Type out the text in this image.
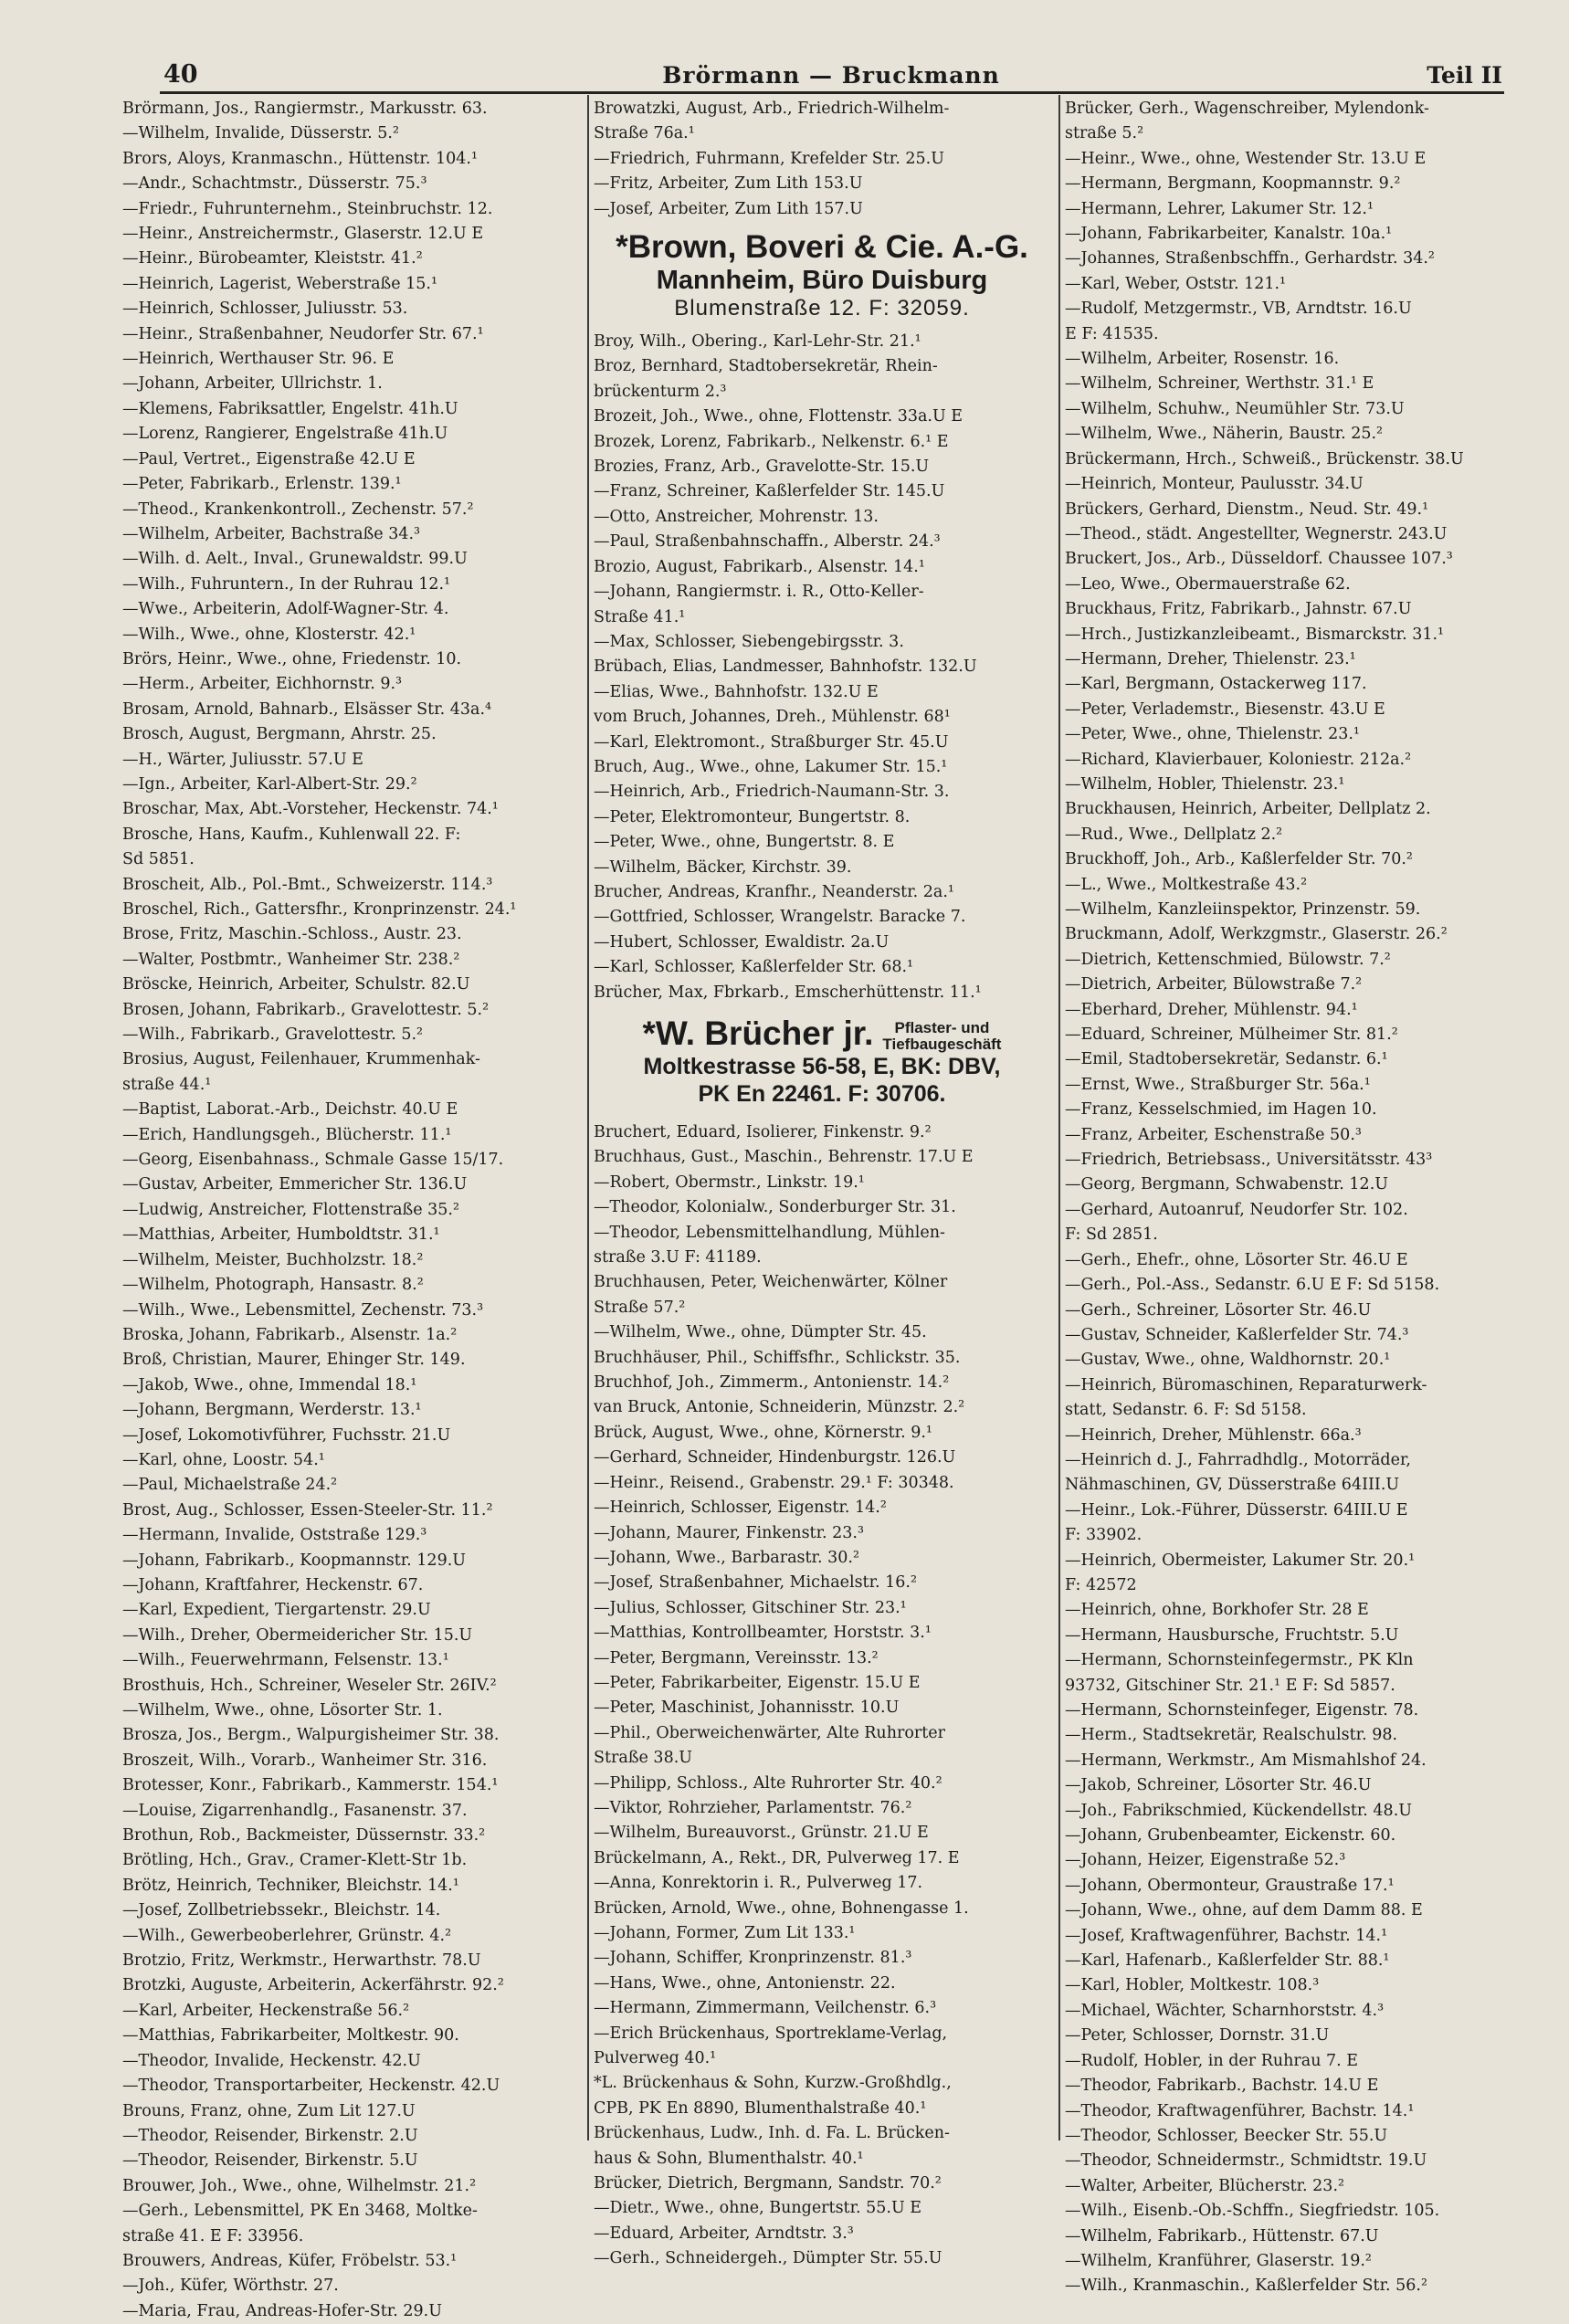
40	Brörmann — Bruckmann	Teil II
Brörmann, Jos., Rangiermstr., Markusstr. 63.
—Wilhelm, Invalide, Düsserstr. 5.²
Brors, Aloys, Kranmaschn., Hüttenstr. 104.¹
—Andr., Schachtmstr., Düsserstr. 75.³
—Friedr., Fuhrunternehm., Steinbruchstr. 12.
—Heinr., Anstreichermstr., Glaserstr. 12.U E
—Heinr., Bürobeamter, Kleiststr. 41.²
—Heinrich, Lagerist, Weberstraße 15.¹
—Heinrich, Schlosser, Juliusstr. 53.
—Heinr., Straßenbahner, Neudorfer Str. 67.¹
—Heinrich, Werthauser Str. 96. E
—Johann, Arbeiter, Ullrichstr. 1.
—Klemens, Fabriksattler, Engelstr. 41h.U
—Lorenz, Rangierer, Engelstraße 41h.U
—Paul, Vertret., Eigenstraße 42.U E
—Peter, Fabrikarb., Erlenstr. 139.¹
—Theod., Krankenkontroll., Zechenstr. 57.²
—Wilhelm, Arbeiter, Bachstraße 34.³
—Wilh. d. Aelt., Inval., Grunewaldstr. 99.U
—Wilh., Fuhruntern., In der Ruhrau 12.¹
—Wwe., Arbeiterin, Adolf-Wagner-Str. 4.
—Wilh., Wwe., ohne, Klosterstr. 42.¹
Brörs, Heinr., Wwe., ohne, Friedenstr. 10.
—Herm., Arbeiter, Eichhornstr. 9.³
Brosam, Arnold, Bahnarb., Elsässer Str. 43a.⁴
Brosch, August, Bergmann, Ahrstr. 25.
—H., Wärter, Juliusstr. 57.U E
—Ign., Arbeiter, Karl-Albert-Str. 29.²
Broschar, Max, Abt.-Vorsteher, Heckenstr. 74.¹
Brosche, Hans, Kaufm., Kuhlenwall 22. F:
Sd 5851.
Broscheit, Alb., Pol.-Bmt., Schweizerstr. 114.³
Broschel, Rich., Gattersfhr., Kronprinzenstr. 24.¹
Brose, Fritz, Maschin.-Schloss., Austr. 23.
—Walter, Postbmtr., Wanheimer Str. 238.²
Bröscke, Heinrich, Arbeiter, Schulstr. 82.U
Brosen, Johann, Fabrikarb., Gravelottestr. 5.²
—Wilh., Fabrikarb., Gravelottestr. 5.²
Brosius, August, Feilenhauer, Krummenhak-
straße 44.¹
—Baptist, Laborat.-Arb., Deichstr. 40.U E
—Erich, Handlungsgeh., Blücherstr. 11.¹
—Georg, Eisenbahnass., Schmale Gasse 15/17.
—Gustav, Arbeiter, Emmericher Str. 136.U
—Ludwig, Anstreicher, Flottenstraße 35.²
—Matthias, Arbeiter, Humboldtstr. 31.¹
—Wilhelm, Meister, Buchholzstr. 18.²
—Wilhelm, Photograph, Hansastr. 8.²
—Wilh., Wwe., Lebensmittel, Zechenstr. 73.³
Broska, Johann, Fabrikarb., Alsenstr. 1a.²
Broß, Christian, Maurer, Ehinger Str. 149.
—Jakob, Wwe., ohne, Immendal 18.¹
—Johann, Bergmann, Werderstr. 13.¹
—Josef, Lokomotivführer, Fuchsstr. 21.U
—Karl, ohne, Loostr. 54.¹
—Paul, Michaelstraße 24.²
Brost, Aug., Schlosser, Essen-Steeler-Str. 11.²
—Hermann, Invalide, Oststraße 129.³
—Johann, Fabrikarb., Koopmannstr. 129.U
—Johann, Kraftfahrer, Heckenstr. 67.
—Karl, Expedient, Tiergartenstr. 29.U
—Wilh., Dreher, Obermeidericher Str. 15.U
—Wilh., Feuerwehrmann, Felsenstr. 13.¹
Brosthuis, Hch., Schreiner, Weseler Str. 26IV.²
—Wilhelm, Wwe., ohne, Lösorter Str. 1.
Brosza, Jos., Bergm., Walpurgisheimer Str. 38.
Broszeit, Wilh., Vorarb., Wanheimer Str. 316.
Brotesser, Konr., Fabrikarb., Kammerstr. 154.¹
—Louise, Zigarrenhandlg., Fasanenstr. 37.
Brothun, Rob., Backmeister, Düssernstr. 33.²
Brötling, Hch., Grav., Cramer-Klett-Str 1b.
Brötz, Heinrich, Techniker, Bleichstr. 14.¹
—Josef, Zollbetriebssekr., Bleichstr. 14.
—Wilh., Gewerbeoberlehrer, Grünstr. 4.²
Brotzio, Fritz, Werkmstr., Herwarthstr. 78.U
Brotzki, Auguste, Arbeiterin, Ackerfährstr. 92.²
—Karl, Arbeiter, Heckenstraße 56.²
—Matthias, Fabrikarbeiter, Moltkestr. 90.
—Theodor, Invalide, Heckenstr. 42.U
—Theodor, Transportarbeiter, Heckenstr. 42.U
Brouns, Franz, ohne, Zum Lit 127.U
—Theodor, Reisender, Birkenstr. 2.U
—Theodor, Reisender, Birkenstr. 5.U
Brouwer, Joh., Wwe., ohne, Wilhelmstr. 21.²
—Gerh., Lebensmittel, PK En 3468, Moltke-
straße 41. E F: 33956.
Brouwers, Andreas, Küfer, Fröbelstr. 53.¹
—Joh., Küfer, Wörthstr. 27.
—Maria, Frau, Andreas-Hofer-Str. 29.U
Browatzki, August, Arb., Friedrich-Wilhelm-
Straße 76a.¹
—Friedrich, Fuhrmann, Krefelder Str. 25.U
—Fritz, Arbeiter, Zum Lith 153.U
—Josef, Arbeiter, Zum Lith 157.U
*Brown, Boveri & Cie. A.-G.
Mannheim, Büro Duisburg
Blumenstraße 12. F: 32059.
Broy, Wilh., Obering., Karl-Lehr-Str. 21.¹
Broz, Bernhard, Stadtobersekretär, Rhein-
brückenturm 2.³
Brozeit, Joh., Wwe., ohne, Flottenstr. 33a.U E
Brozek, Lorenz, Fabrikarb., Nelkenstr. 6.¹ E
Brozies, Franz, Arb., Gravelotte-Str. 15.U
—Franz, Schreiner, Kaßlerfelder Str. 145.U
—Otto, Anstreicher, Mohrenstr. 13.
—Paul, Straßenbahnschaffn., Alberstr. 24.³
Brozio, August, Fabrikarb., Alsenstr. 14.¹
—Johann, Rangiermstr. i. R., Otto-Keller-
Straße 41.¹
—Max, Schlosser, Siebengebirgsstr. 3.
Brübach, Elias, Landmesser, Bahnhofstr. 132.U
—Elias, Wwe., Bahnhofstr. 132.U E
vom Bruch, Johannes, Dreh., Mühlenstr. 68¹
—Karl, Elektromont., Straßburger Str. 45.U
Bruch, Aug., Wwe., ohne, Lakumer Str. 15.¹
—Heinrich, Arb., Friedrich-Naumann-Str. 3.
—Peter, Elektromonteur, Bungertstr. 8.
—Peter, Wwe., ohne, Bungertstr. 8. E
—Wilhelm, Bäcker, Kirchstr. 39.
Brucher, Andreas, Kranfhr., Neanderstr. 2a.¹
—Gottfried, Schlosser, Wrangelstr. Baracke 7.
—Hubert, Schlosser, Ewaldistr. 2a.U
—Karl, Schlosser, Kaßlerfelder Str. 68.¹
Brücher, Max, Fbrkarb., Emscherhüttenstr. 11.¹
*W. Brücher jr.	Pflaster- und
Tiefbaugeschäft
Moltkestrasse 56-58, E, BK: DBV,
PK En 22461. F: 30706.
Bruchert, Eduard, Isolierer, Finkenstr. 9.²
Bruchhaus, Gust., Maschin., Behrenstr. 17.U E
—Robert, Obermstr., Linkstr. 19.¹
—Theodor, Kolonialw., Sonderburger Str. 31.
—Theodor, Lebensmittelhandlung, Mühlen-
straße 3.U F: 41189.
Bruchhausen, Peter, Weichenwärter, Kölner
Straße 57.²
—Wilhelm, Wwe., ohne, Dümpter Str. 45.
Bruchhäuser, Phil., Schiffsfhr., Schlickstr. 35.
Bruchhof, Joh., Zimmerm., Antonienstr. 14.²
van Bruck, Antonie, Schneiderin, Münzstr. 2.²
Brück, August, Wwe., ohne, Körnerstr. 9.¹
—Gerhard, Schneider, Hindenburgstr. 126.U
—Heinr., Reisend., Grabenstr. 29.¹ F: 30348.
—Heinrich, Schlosser, Eigenstr. 14.²
—Johann, Maurer, Finkenstr. 23.³
—Johann, Wwe., Barbarastr. 30.²
—Josef, Straßenbahner, Michaelstr. 16.²
—Julius, Schlosser, Gitschiner Str. 23.¹
—Matthias, Kontrollbeamter, Horststr. 3.¹
—Peter, Bergmann, Vereinsstr. 13.²
—Peter, Fabrikarbeiter, Eigenstr. 15.U E
—Peter, Maschinist, Johannisstr. 10.U
—Phil., Oberweichenwärter, Alte Ruhrorter
Straße 38.U
—Philipp, Schloss., Alte Ruhrorter Str. 40.²
—Viktor, Rohrzieher, Parlamentstr. 76.²
—Wilhelm, Bureauvorst., Grünstr. 21.U E
Brückelmann, A., Rekt., DR, Pulverweg 17. E
—Anna, Konrektorin i. R., Pulverweg 17.
Brücken, Arnold, Wwe., ohne, Bohnengasse 1.
—Johann, Former, Zum Lit 133.¹
—Johann, Schiffer, Kronprinzenstr. 81.³
—Hans, Wwe., ohne, Antonienstr. 22.
—Hermann, Zimmermann, Veilchenstr. 6.³
—Erich Brückenhaus, Sportreklame-Verlag,
Pulverweg 40.¹
*L. Brückenhaus & Sohn, Kurzw.-Großhdlg.,
CPB, PK En 8890, Blumenthalstraße 40.¹
Brückenhaus, Ludw., Inh. d. Fa. L. Brücken-
haus & Sohn, Blumenthalstr. 40.¹
Brücker, Dietrich, Bergmann, Sandstr. 70.²
—Dietr., Wwe., ohne, Bungertstr. 55.U E
—Eduard, Arbeiter, Arndtstr. 3.³
—Gerh., Schneidergeh., Dümpter Str. 55.U
Brücker, Gerh., Wagenschreiber, Mylendonk-
straße 5.²
—Heinr., Wwe., ohne, Westender Str. 13.U E
—Hermann, Bergmann, Koopmannstr. 9.²
—Hermann, Lehrer, Lakumer Str. 12.¹
—Johann, Fabrikarbeiter, Kanalstr. 10a.¹
—Johannes, Straßenbschffn., Gerhardstr. 34.²
—Karl, Weber, Oststr. 121.¹
—Rudolf, Metzgermstr., VB, Arndtstr. 16.U
E F: 41535.
—Wilhelm, Arbeiter, Rosenstr. 16.
—Wilhelm, Schreiner, Werthstr. 31.¹ E
—Wilhelm, Schuhw., Neumühler Str. 73.U
—Wilhelm, Wwe., Näherin, Baustr. 25.²
Brückermann, Hrch., Schweiß., Brückenstr. 38.U
—Heinrich, Monteur, Paulusstr. 34.U
Brückers, Gerhard, Dienstm., Neud. Str. 49.¹
—Theod., städt. Angestellter, Wegnerstr. 243.U
Bruckert, Jos., Arb., Düsseldorf. Chaussee 107.³
—Leo, Wwe., Obermauerstraße 62.
Bruckhaus, Fritz, Fabrikarb., Jahnstr. 67.U
—Hrch., Justizkanzleibeamt., Bismarckstr. 31.¹
—Hermann, Dreher, Thielenstr. 23.¹
—Karl, Bergmann, Ostackerweg 117.
—Peter, Verlademstr., Biesenstr. 43.U E
—Peter, Wwe., ohne, Thielenstr. 23.¹
—Richard, Klavierbauer, Koloniestr. 212a.²
—Wilhelm, Hobler, Thielenstr. 23.¹
Bruckhausen, Heinrich, Arbeiter, Dellplatz 2.
—Rud., Wwe., Dellplatz 2.²
Bruckhoff, Joh., Arb., Kaßlerfelder Str. 70.²
—L., Wwe., Moltkestraße 43.²
—Wilhelm, Kanzleiinspektor, Prinzenstr. 59.
Bruckmann, Adolf, Werkzgmstr., Glaserstr. 26.²
—Dietrich, Kettenschmied, Bülowstr. 7.²
—Dietrich, Arbeiter, Bülowstraße 7.²
—Eberhard, Dreher, Mühlenstr. 94.¹
—Eduard, Schreiner, Mülheimer Str. 81.²
—Emil, Stadtobersekretär, Sedanstr. 6.¹
—Ernst, Wwe., Straßburger Str. 56a.¹
—Franz, Kesselschmied, im Hagen 10.
—Franz, Arbeiter, Eschenstraße 50.³
—Friedrich, Betriebsass., Universitätsstr. 43³
—Georg, Bergmann, Schwabenstr. 12.U
—Gerhard, Autoanruf, Neudorfer Str. 102.
F: Sd 2851.
—Gerh., Ehefr., ohne, Lösorter Str. 46.U E
—Gerh., Pol.-Ass., Sedanstr. 6.U E F: Sd 5158.
—Gerh., Schreiner, Lösorter Str. 46.U
—Gustav, Schneider, Kaßlerfelder Str. 74.³
—Gustav, Wwe., ohne, Waldhornstr. 20.¹
—Heinrich, Büromaschinen, Reparaturwerk-
statt, Sedanstr. 6. F: Sd 5158.
—Heinrich, Dreher, Mühlenstr. 66a.³
—Heinrich d. J., Fahrradhdlg., Motorräder,
Nähmaschinen, GV, Düsserstraße 64III.U
—Heinr., Lok.-Führer, Düsserstr. 64III.U E
F: 33902.
—Heinrich, Obermeister, Lakumer Str. 20.¹
F: 42572
—Heinrich, ohne, Borkhofer Str. 28 E
—Hermann, Hausbursche, Fruchtstr. 5.U
—Hermann, Schornsteinfegermstr., PK Kln
93732, Gitschiner Str. 21.¹ E F: Sd 5857.
—Hermann, Schornsteinfeger, Eigenstr. 78.
—Herm., Stadtsekretär, Realschulstr. 98.
—Hermann, Werkmstr., Am Mismahlshof 24.
—Jakob, Schreiner, Lösorter Str. 46.U
—Joh., Fabrikschmied, Kückendellstr. 48.U
—Johann, Grubenbeamter, Eickenstr. 60.
—Johann, Heizer, Eigenstraße 52.³
—Johann, Obermonteur, Graustraße 17.¹
—Johann, Wwe., ohne, auf dem Damm 88. E
—Josef, Kraftwagenführer, Bachstr. 14.¹
—Karl, Hafenarb., Kaßlerfelder Str. 88.¹
—Karl, Hobler, Moltkestr. 108.³
—Michael, Wächter, Scharnhorststr. 4.³
—Peter, Schlosser, Dornstr. 31.U
—Rudolf, Hobler, in der Ruhrau 7. E
—Theodor, Fabrikarb., Bachstr. 14.U E
—Theodor, Kraftwagenführer, Bachstr. 14.¹
—Theodor, Schlosser, Beecker Str. 55.U
—Theodor, Schneidermstr., Schmidtstr. 19.U
—Walter, Arbeiter, Blücherstr. 23.²
—Wilh., Eisenb.-Ob.-Schffn., Siegfriedstr. 105.
—Wilhelm, Fabrikarb., Hüttenstr. 67.U
—Wilhelm, Kranführer, Glaserstr. 19.²
—Wilh., Kranmaschin., Kaßlerfelder Str. 56.²
